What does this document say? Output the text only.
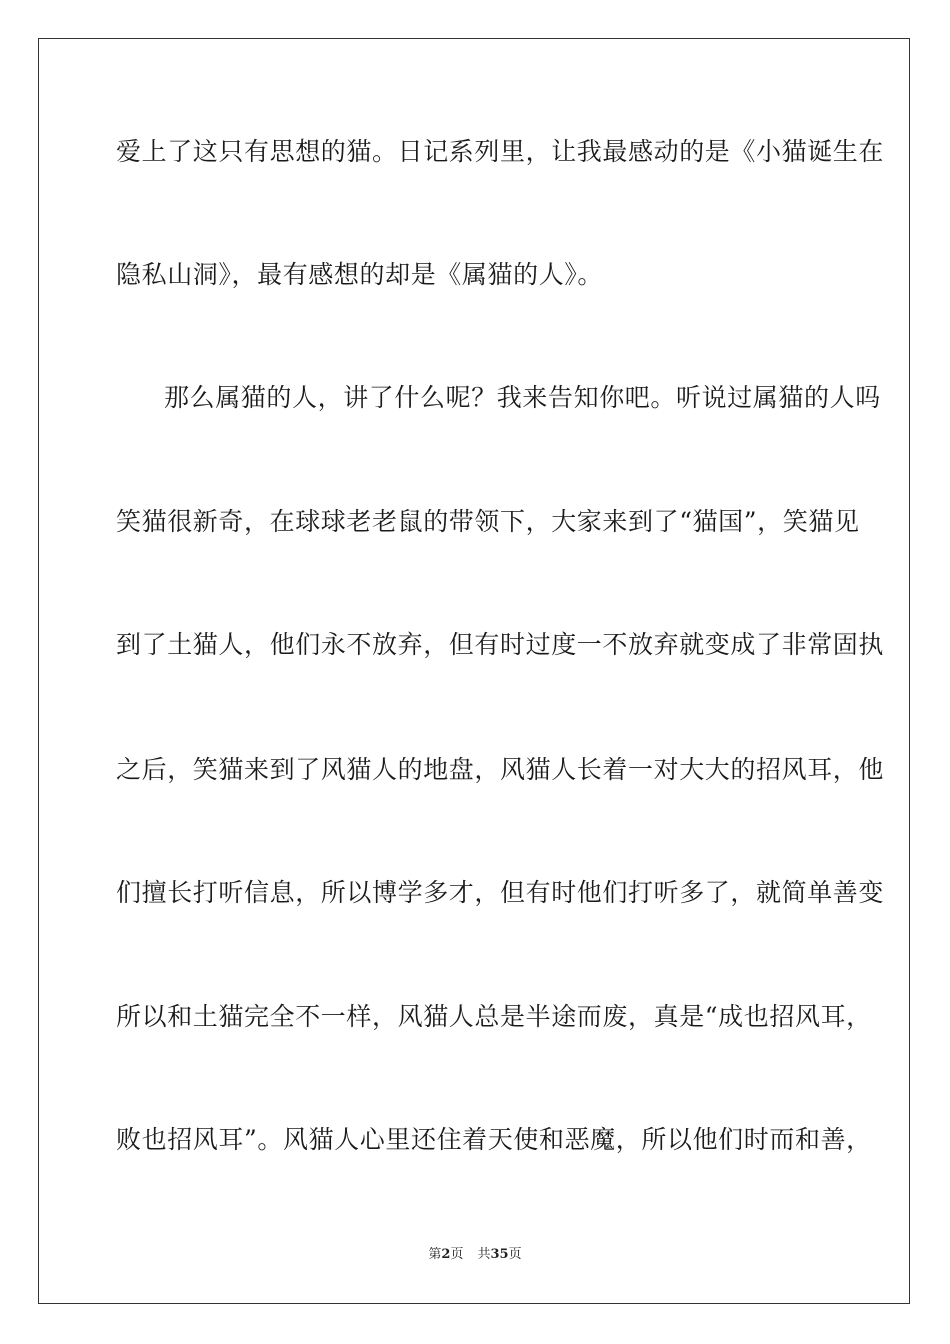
爱上了这只有思想的猫。日记系列里，让我最感动的是《小猫诞生在

隐私山洞》，最有感想的却是《属猫的人》。

那么属猫的人，讲了什么呢？我来告知你吧。听说过属猫的人吗

笑猫很新奇，在球球老老鼠的带领下，大家来到了“猫国”，笑猫见

到了土猫人，他们永不放弃，但有时过度一不放弃就变成了非常固执

之后，笑猫来到了风猫人的地盘，风猫人长着一对大大的招风耳，他

们擅长打听信息，所以博学多才，但有时他们打听多了，就简单善变

所以和土猫完全不一样，风猫人总是半途而废，真是“成也招风耳，

败也招风耳”。风猫人心里还住着天使和恶魔，所以他们时而和善，

第2页 共35页
